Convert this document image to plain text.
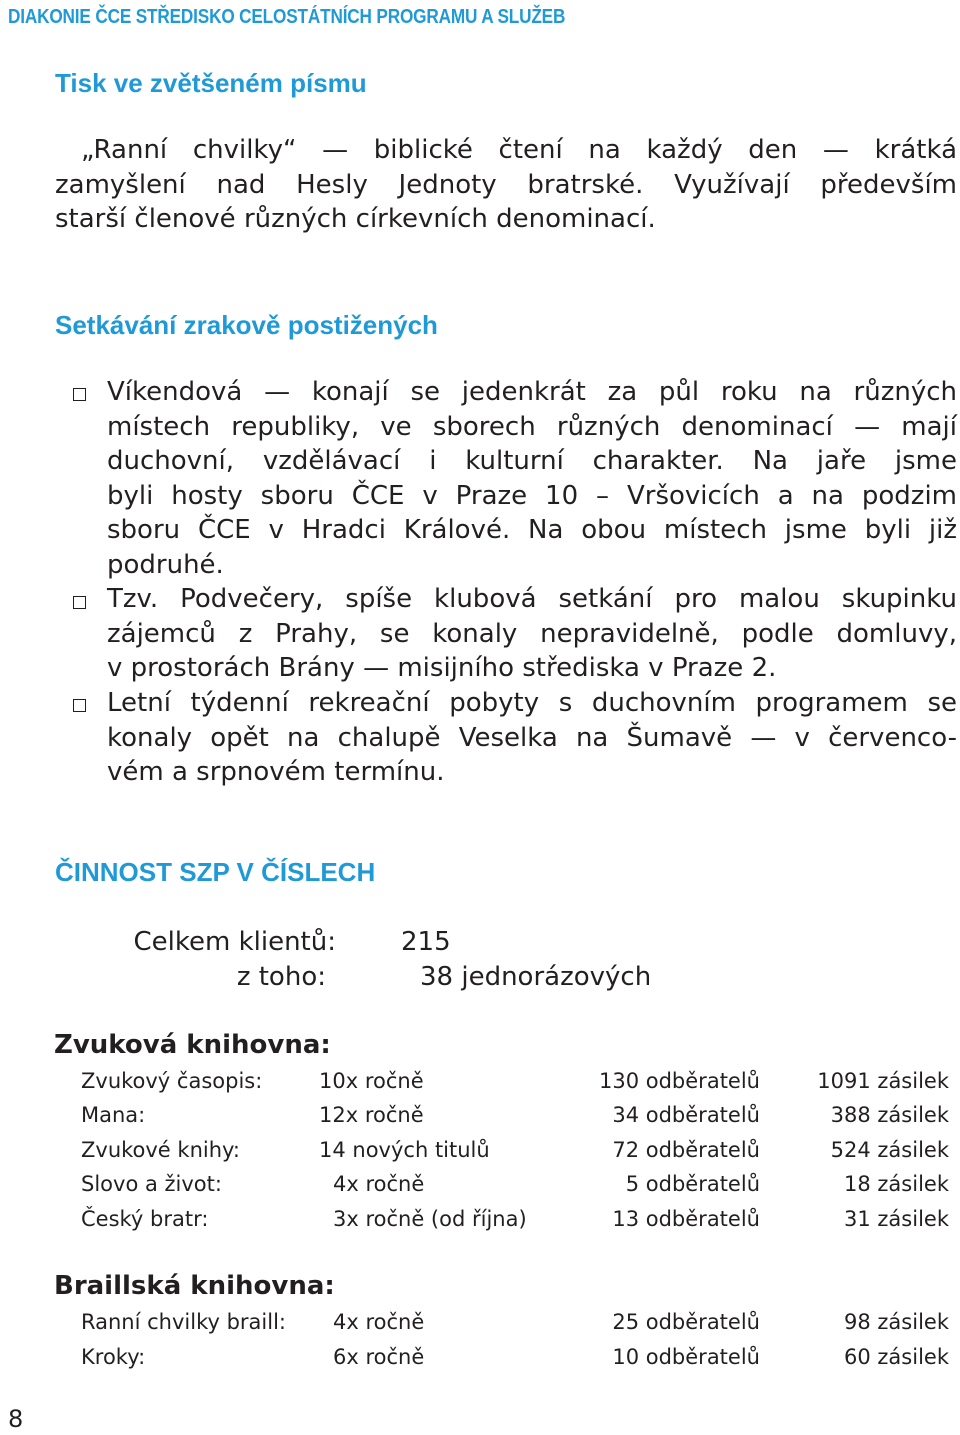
DIAKONIE ČCE STŘEDISKO CELOSTÁTNÍCH PROGRAMU A SLUŽEB
Tisk ve zvětšeném písmu
„Ranní chvilky“ — biblické čtení na každý den — krátká
zamyšlení nad Hesly Jednoty bratrské. Využívají především
starší členové různých církevních denominací.
Setkávání zrakově postižených
Víkendová — konají se jedenkrát za půl roku na různých
místech republiky, ve sborech různých denominací — mají
duchovní, vzdělávací i kulturní charakter. Na jaře jsme
byli hosty sboru ČCE v Praze 10 – Vršovicích a na podzim
sboru ČCE v Hradci Králové. Na obou místech jsme byli již
podruhé.
Tzv. Podvečery, spíše klubová setkání pro malou skupinku
zájemců z Prahy, se konaly nepravidelně, podle domluvy,
v prostorách Brány — misijního střediska v Praze 2.
Letní týdenní rekreační pobyty s duchovním programem se
konaly opět na chalupě Veselka na Šumavě — v červenco-
vém a srpnovém termínu.
ČINNOST SZP V ČÍSLECH
Celkem klientů:	215
z toho:	38 jednorázových
Zvuková knihovna:
Zvukový časopis:	10x ročně	130 odběratelů	1091 zásilek
Mana:	12x ročně	34 odběratelů	388 zásilek
Zvukové knihy:	14 nových titulů	72 odběratelů	524 zásilek
Slovo a život:	4x ročně	5 odběratelů	18 zásilek
Český bratr:	3x ročně (od října)	13 odběratelů	31 zásilek
Braillská knihovna:
Ranní chvilky braill: 4x ročně	25 odběratelů	98 zásilek
Kroky:	6x ročně	10 odběratelů	60 zásilek
8
